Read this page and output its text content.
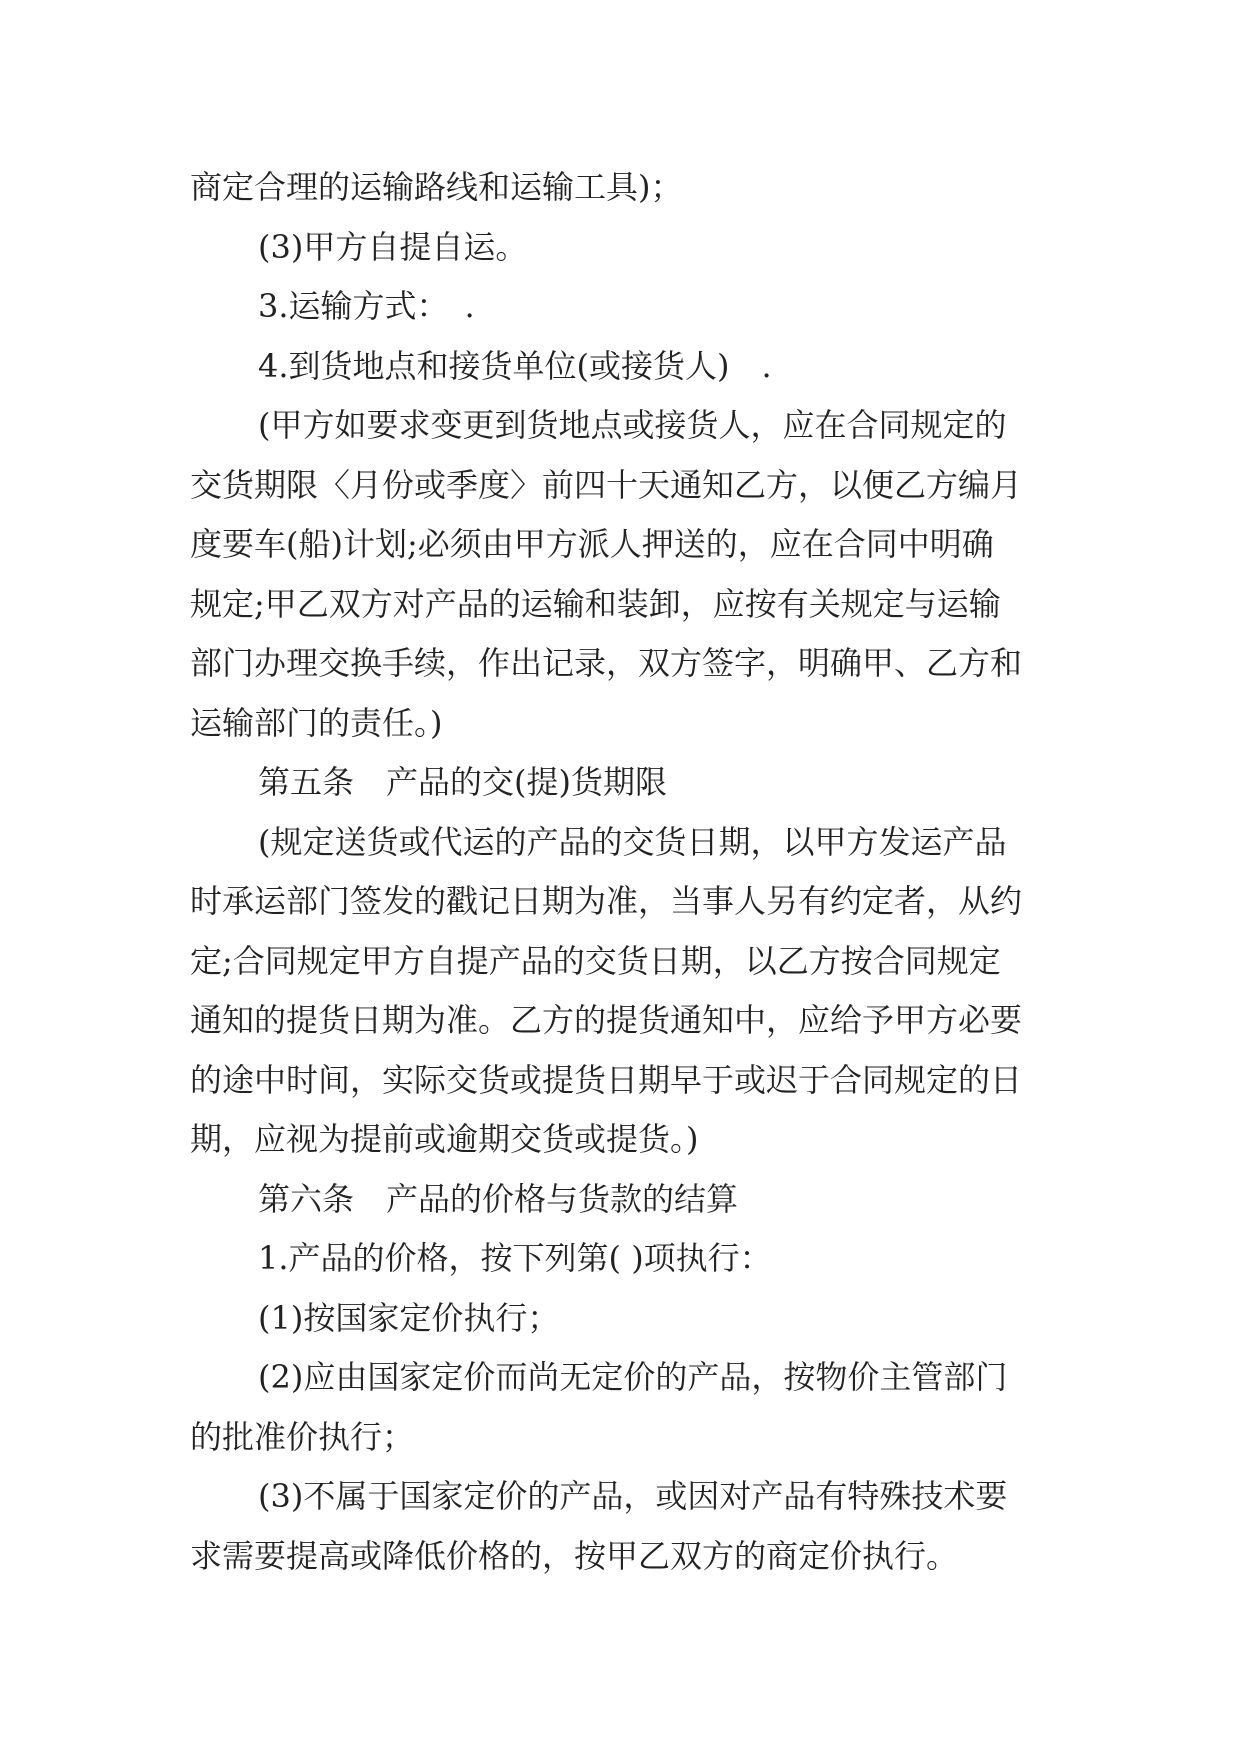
商定合理的运输路线和运输工具)；
(3)甲方自提自运。
3.运输方式：　.
4.到货地点和接货单位(或接货人)　.
(甲方如要求变更到货地点或接货人，应在合同规定的
交货期限〈月份或季度〉前四十天通知乙方，以便乙方编月
度要车(船)计划;必须由甲方派人押送的，应在合同中明确
规定;甲乙双方对产品的运输和装卸，应按有关规定与运输
部门办理交换手续，作出记录，双方签字，明确甲、乙方和
运输部门的责任。)
第五条　产品的交(提)货期限
(规定送货或代运的产品的交货日期，以甲方发运产品
时承运部门签发的戳记日期为准，当事人另有约定者，从约
定;合同规定甲方自提产品的交货日期，以乙方按合同规定
通知的提货日期为准。乙方的提货通知中，应给予甲方必要
的途中时间，实际交货或提货日期早于或迟于合同规定的日
期，应视为提前或逾期交货或提货。)
第六条　产品的价格与货款的结算
1.产品的价格，按下列第( )项执行：
(1)按国家定价执行；
(2)应由国家定价而尚无定价的产品，按物价主管部门
的批准价执行；
(3)不属于国家定价的产品，或因对产品有特殊技术要
求需要提高或降低价格的，按甲乙双方的商定价执行。
